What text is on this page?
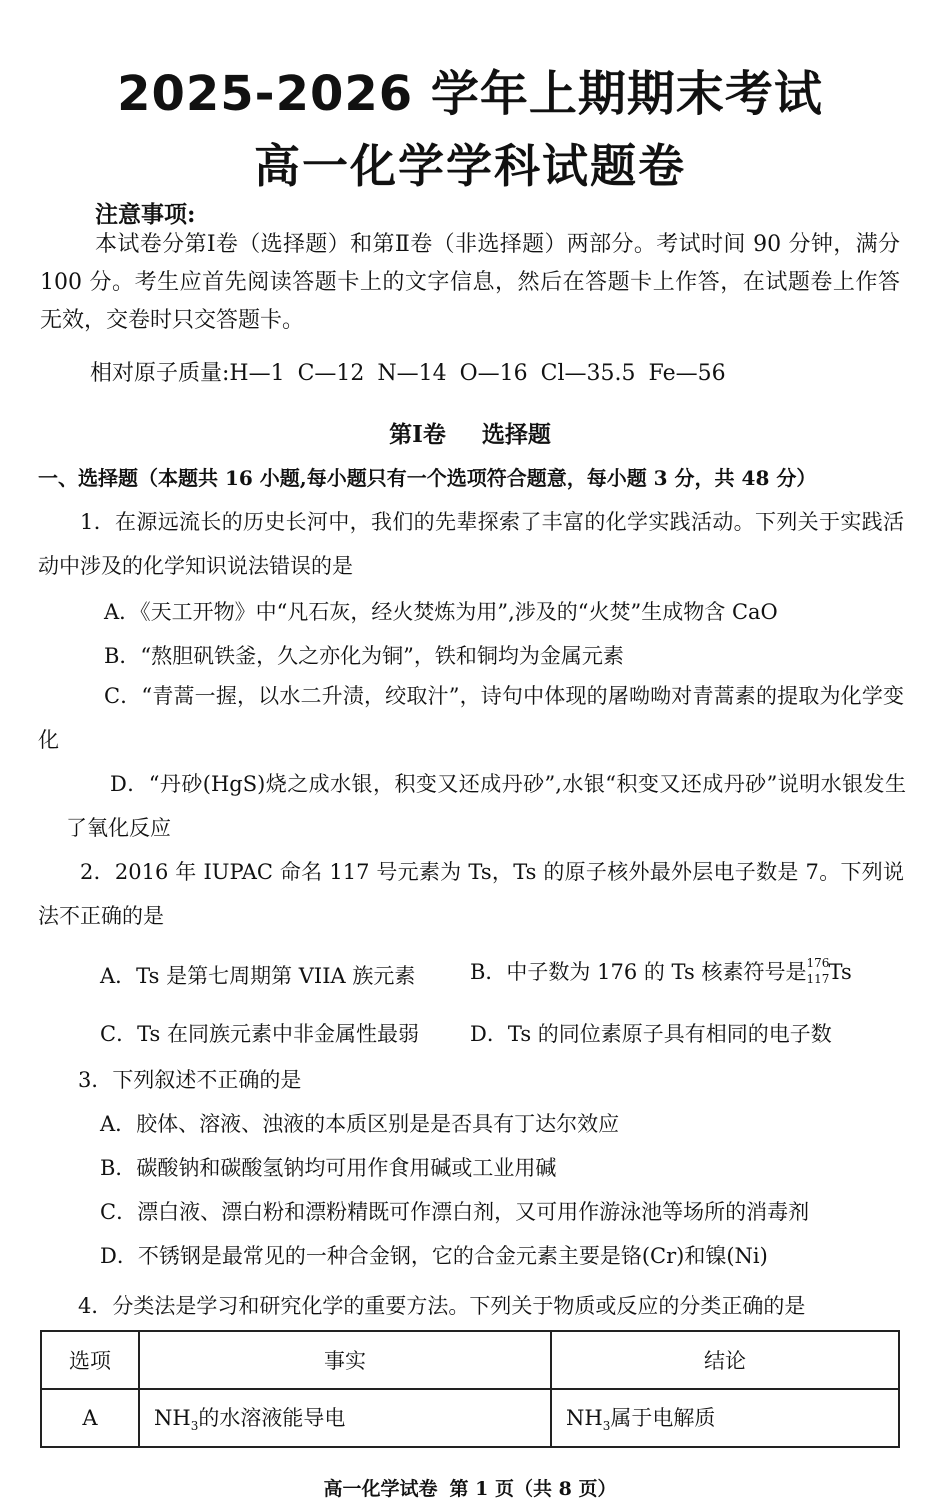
2025-2026 学年上期期末考试
高一化学学科试题卷
注意事项:
本试卷分第Ⅰ卷（选择题）和第Ⅱ卷（非选择题）两部分。考试时间 90 分钟，满分 100 分。考生应首先阅读答题卡上的文字信息，然后在答题卡上作答，在试题卷上作答无效，交卷时只交答题卡。
相对原子质量:H—1 C—12 N—14 O—16 Cl—35.5 Fe—56
第Ⅰ卷 选择题
一、选择题（本题共 16 小题,每小题只有一个选项符合题意，每小题 3 分，共 48 分）
1．在源远流长的历史长河中，我们的先辈探索了丰富的化学实践活动。下列关于实践活动中涉及的化学知识说法错误的是
A．《天工开物》中“凡石灰，经火焚炼为用”,涉及的“火焚”生成物含 CaO
B．“熬胆矾铁釜，久之亦化为铜”，铁和铜均为金属元素
C．“青蒿一握，以水二升渍，绞取汁”，诗句中体现的屠呦呦对青蒿素的提取为化学变化
D．“丹砂(HgS)烧之成水银，积变又还成丹砂”,水银“积变又还成丹砂”说明水银发生了氧化反应
2．2016 年 IUPAC 命名 117 号元素为 Ts，Ts 的原子核外最外层电子数是 7。下列说法不正确的是
A．Ts 是第七周期第 VIIA 族元素	B．中子数为 176 的 Ts 核素符号是 176
117 Ts
C．Ts 在同族元素中非金属性最弱 D．Ts 的同位素原子具有相同的电子数
3．下列叙述不正确的是
A．胶体、溶液、浊液的本质区别是是否具有丁达尔效应
B．碳酸钠和碳酸氢钠均可用作食用碱或工业用碱
C．漂白液、漂白粉和漂粉精既可作漂白剂，又可用作游泳池等场所的消毒剂
D．不锈钢是最常见的一种合金钢，它的合金元素主要是铬(Cr)和镍(Ni)
4．分类法是学习和研究化学的重要方法。下列关于物质或反应的分类正确的是
选项	事实	结论
A	$NH_3$的水溶液能导电	$NH_3$属于电解质
高一化学试卷 第 1 页（共 8 页）
